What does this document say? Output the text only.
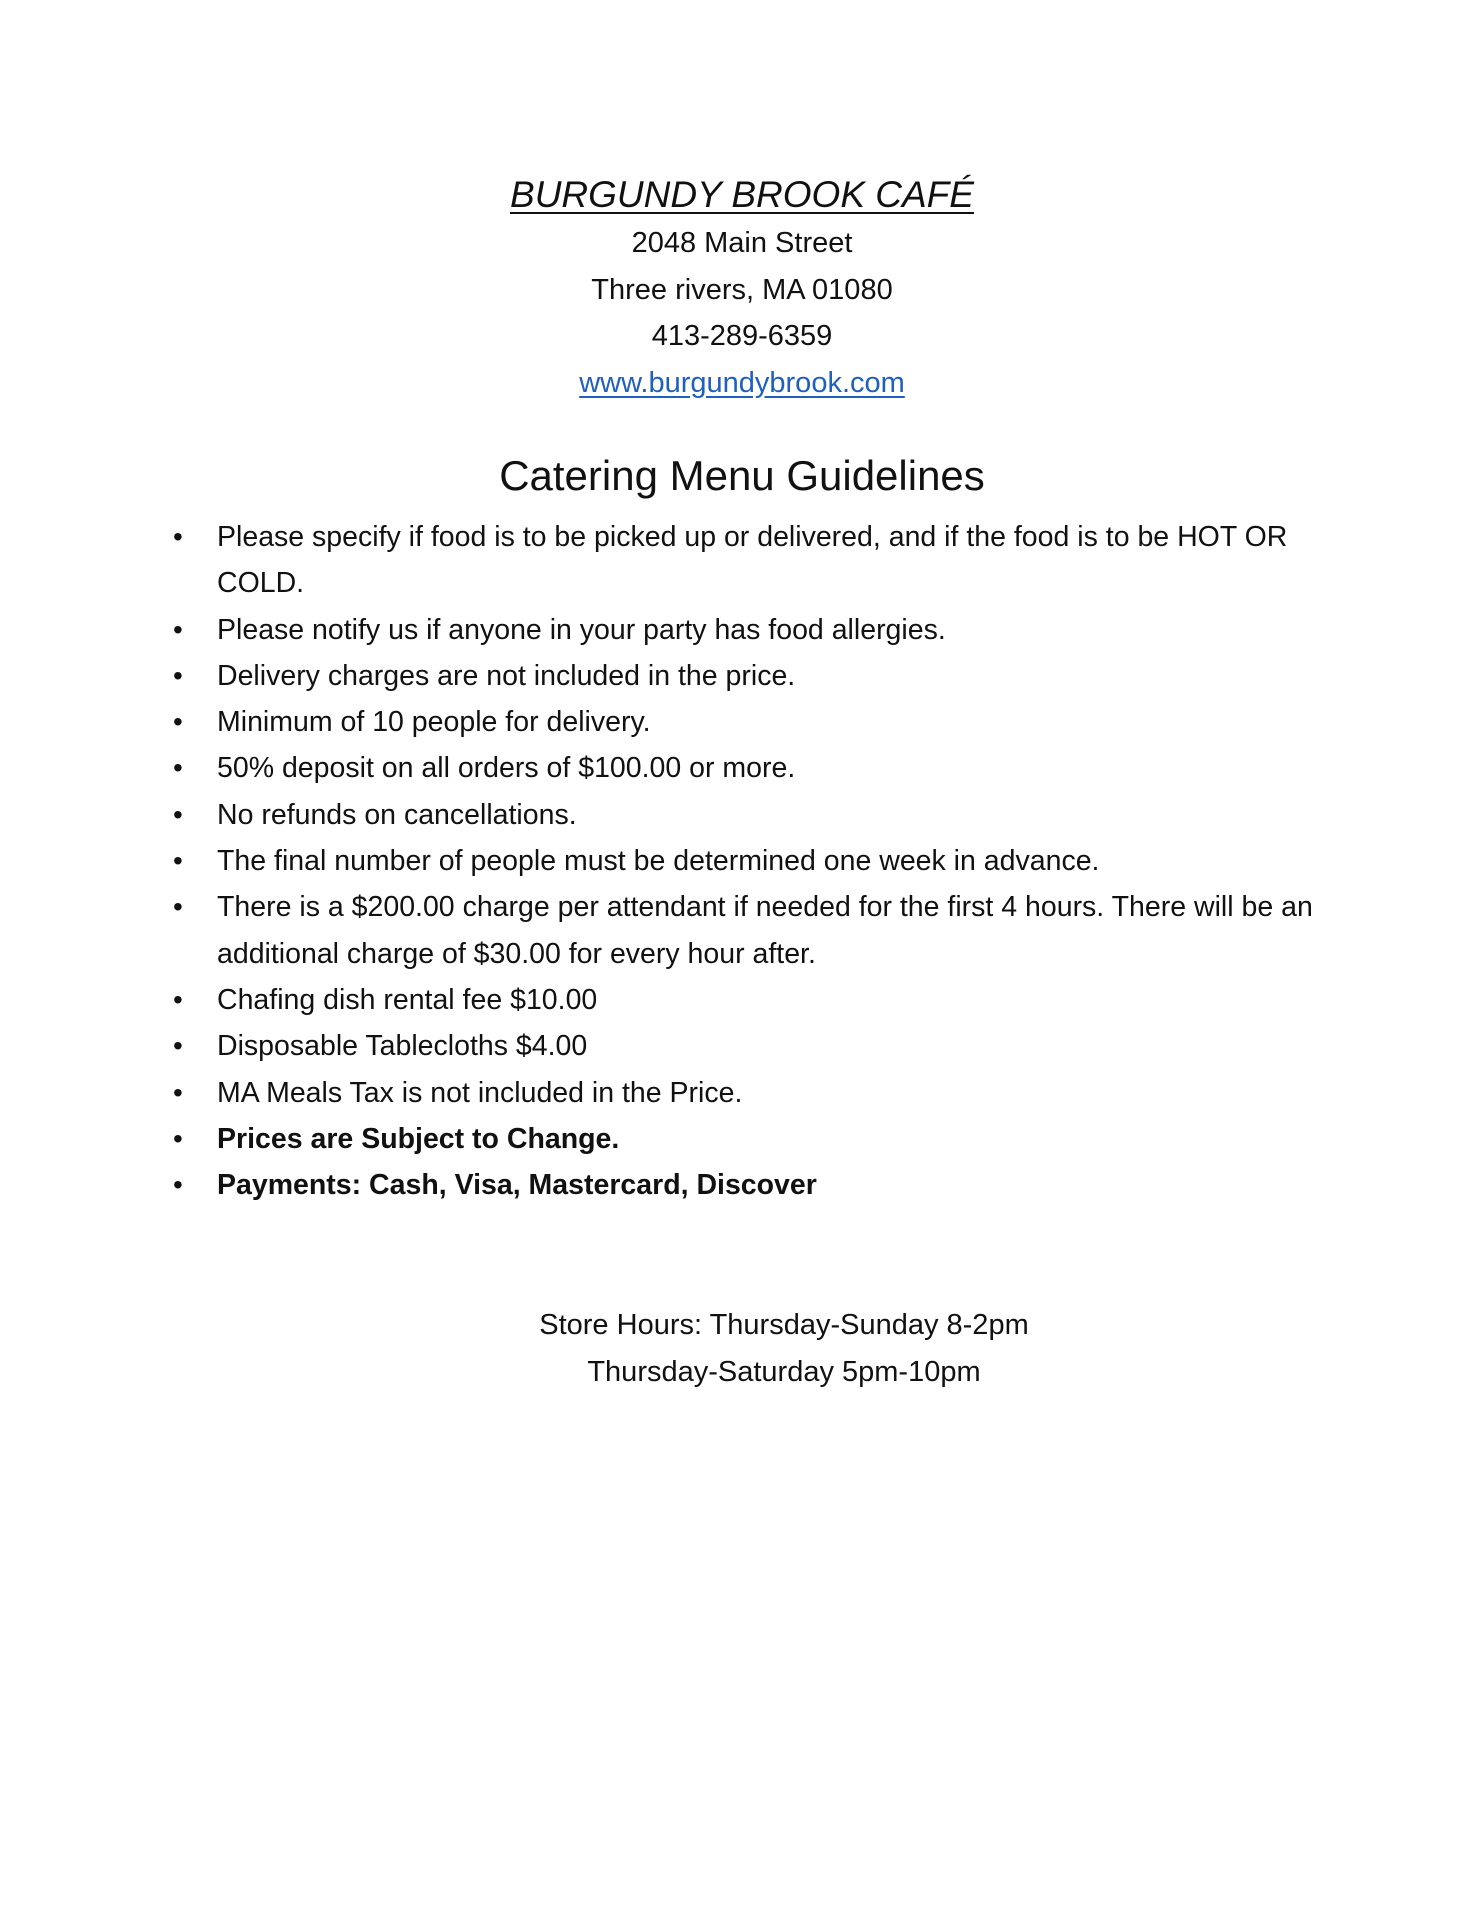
BURGUNDY BROOK CAFÉ

2048 Main Street

Three rivers, MA 01080

413-289-6359

www.burgundybrook.com
Catering Menu Guidelines
• Please specify if food is to be picked up or delivered, and if the food is to be HOT OR COLD.
• Please notify us if anyone in your party has food allergies.
• Delivery charges are not included in the price.
• Minimum of 10 people for delivery.
• 50% deposit on all orders of $100.00 or more.
• No refunds on cancellations.
• The final number of people must be determined one week in advance.
• There is a $200.00 charge per attendant if needed for the first 4 hours. There will be an additional charge of $30.00 for every hour after.
• Chafing dish rental fee $10.00
• Disposable Tablecloths $4.00
• MA Meals Tax is not included in the Price.
• Prices are Subject to Change.
• Payments: Cash, Visa, Mastercard, Discover

Store Hours: Thursday-Sunday 8-2pm

Thursday-Saturday 5pm-10pm
